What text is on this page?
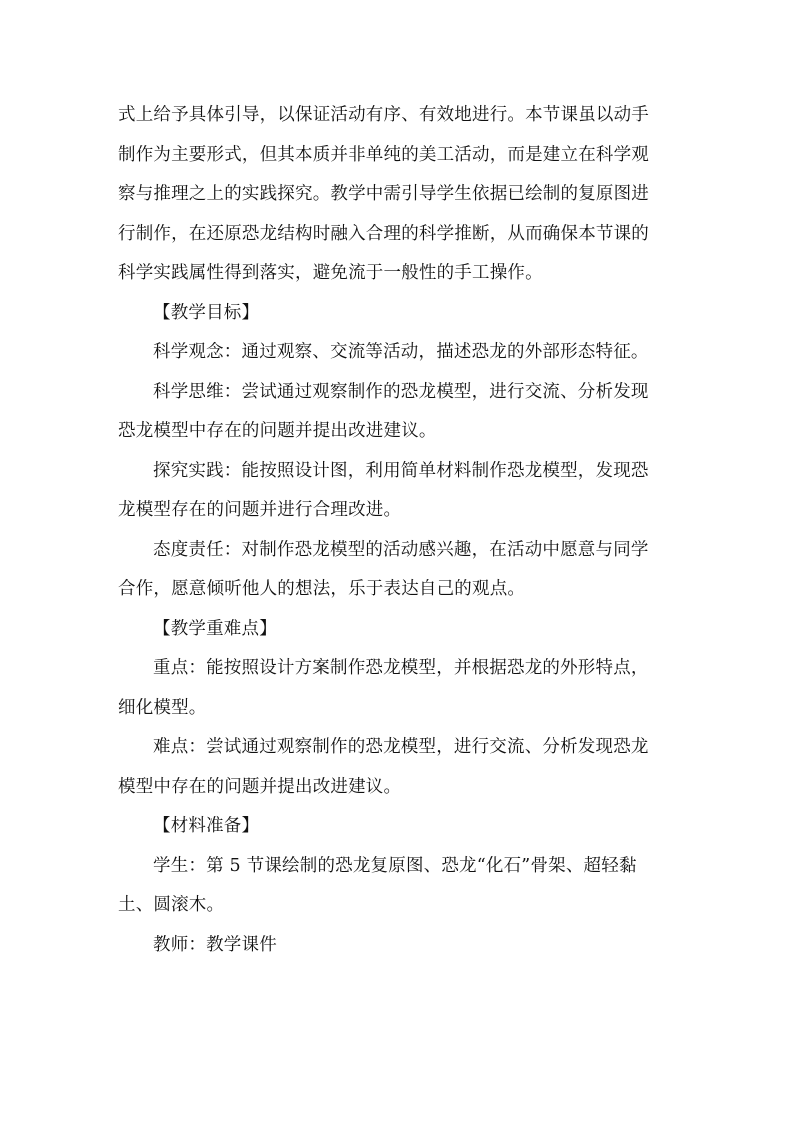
式上给予具体引导，以保证活动有序、有效地进行。本节课虽以动手
制作为主要形式，但其本质并非单纯的美工活动，而是建立在科学观
察与推理之上的实践探究。教学中需引导学生依据已绘制的复原图进
行制作，在还原恐龙结构时融入合理的科学推断，从而确保本节课的
科学实践属性得到落实，避免流于一般性的手工操作。
【教学目标】
科学观念：通过观察、交流等活动，描述恐龙的外部形态特征。
科学思维：尝试通过观察制作的恐龙模型，进行交流、分析发现
恐龙模型中存在的问题并提出改进建议。
探究实践：能按照设计图，利用简单材料制作恐龙模型，发现恐
龙模型存在的问题并进行合理改进。
态度责任：对制作恐龙模型的活动感兴趣，在活动中愿意与同学
合作，愿意倾听他人的想法，乐于表达自己的观点。
【教学重难点】
重点：能按照设计方案制作恐龙模型，并根据恐龙的外形特点，
细化模型。
难点：尝试通过观察制作的恐龙模型，进行交流、分析发现恐龙
模型中存在的问题并提出改进建议。
【材料准备】
学生：第 5 节课绘制的恐龙复原图、恐龙“化石”骨架、超轻黏
土、圆滚木。
教师：教学课件
